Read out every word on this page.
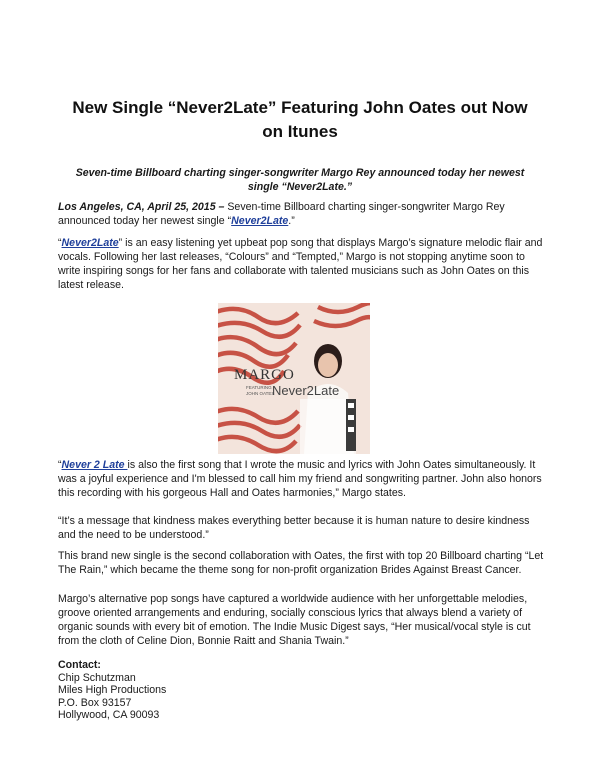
New Single “Never2Late” Featuring John Oates out Now on Itunes
Seven-time Billboard charting singer-songwriter Margo Rey announced today her newest single “Never2Late.”
Los Angeles, CA, April 25, 2015 – Seven-time Billboard charting singer-songwriter Margo Rey announced today her newest single “Never2Late.”
“Never2Late” is an easy listening yet upbeat pop song that displays Margo’s signature melodic flair and vocals. Following her last releases, “Colours” and “Tempted,” Margo is not stopping anytime soon to write inspiring songs for her fans and collaborate with talented musicians such as John Oates on this latest release.
MARGO
FEATURING
JOHN OATES
Never2Late
“Never 2 Late is also the first song that I wrote the music and lyrics with John Oates simultaneously. It was a joyful experience and I'm blessed to call him my friend and songwriting partner. John also honors this recording with his gorgeous Hall and Oates harmonies,” Margo states.
“It’s a message that kindness makes everything better because it is human nature to desire kindness and the need to be understood.”
This brand new single is the second collaboration with Oates, the first with top 20 Billboard charting “Let The Rain,” which became the theme song for non-profit organization Brides Against Breast Cancer.
Margo’s alternative pop songs have captured a worldwide audience with her unforgettable melodies, groove oriented arrangements and enduring, socially conscious lyrics that always blend a variety of organic sounds with every bit of emotion. The Indie Music Digest says, “Her musical/vocal style is cut from the cloth of Celine Dion, Bonnie Raitt and Shania Twain.”
Contact:
Chip Schutzman
Miles High Productions
P.O. Box 93157
Hollywood, CA 90093
